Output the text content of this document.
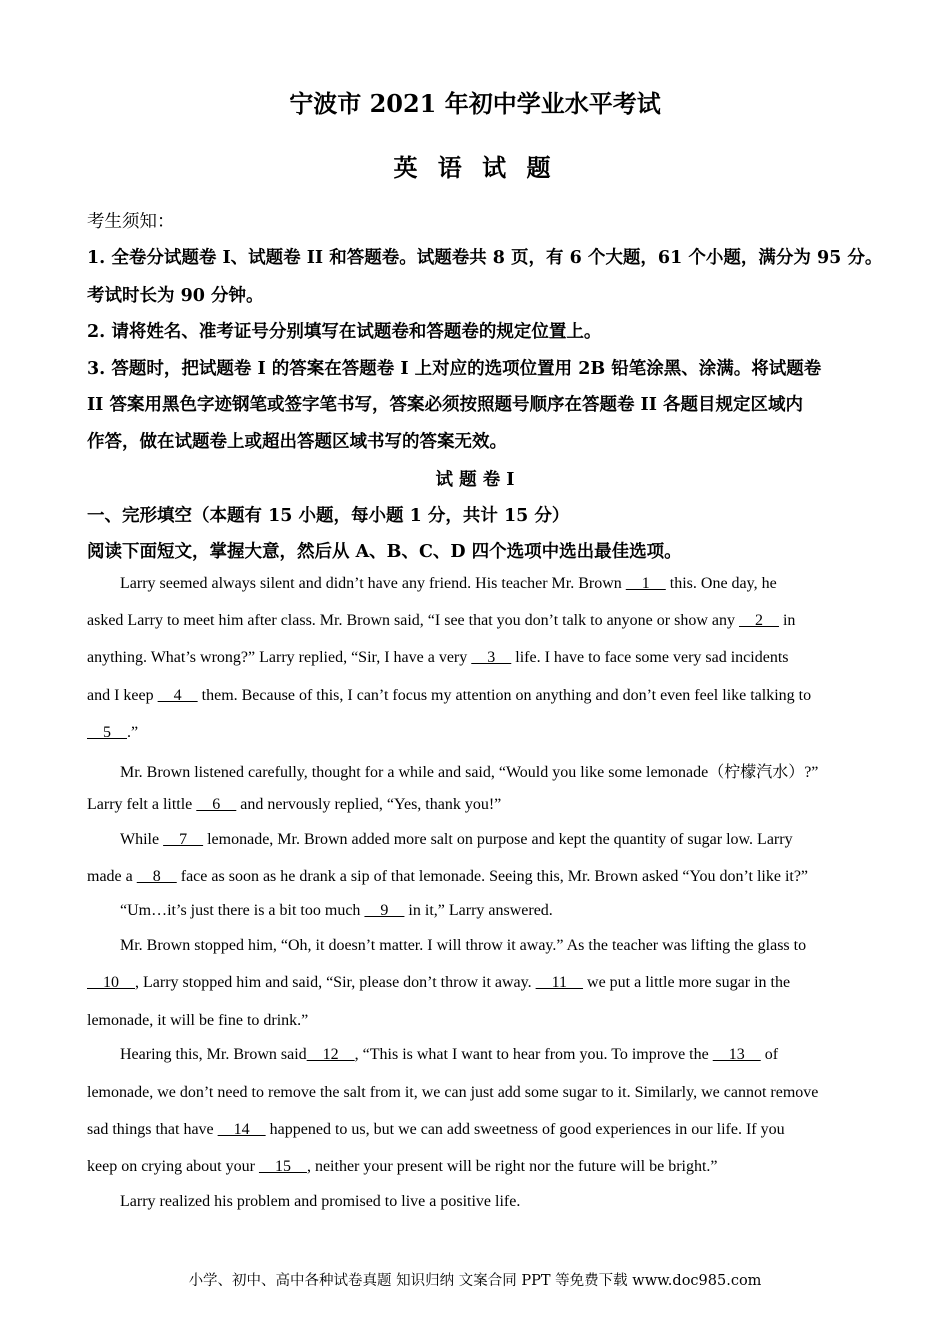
宁波市 2021 年初中学业水平考试
英 语 试 题
考生须知：
1. 全卷分试题卷 I、试题卷 II 和答题卷。试题卷共 8 页，有 6 个大题，61 个小题，满分为 95 分。
考试时长为 90 分钟。
2. 请将姓名、准考证号分别填写在试题卷和答题卷的规定位置上。
3. 答题时，把试题卷 I 的答案在答题卷 I 上对应的选项位置用 2B 铅笔涂黑、涂满。将试题卷
II 答案用黑色字迹钢笔或签字笔书写，答案必须按照题号顺序在答题卷 II 各题目规定区域内
作答，做在试题卷上或超出答题区域书写的答案无效。
试 题 卷 I
一、完形填空（本题有 15 小题，每小题 1 分，共计 15 分）
阅读下面短文，掌握大意，然后从 A、B、C、D 四个选项中选出最佳选项。
Larry seemed always silent and didn’t have any friend. His teacher Mr. Brown     1     this. One day, he
asked Larry to meet him after class. Mr. Brown said, “I see that you don’t talk to anyone or show any     2     in
anything. What’s wrong?” Larry replied, “Sir, I have a very     3     life. I have to face some very sad incidents
and I keep     4     them. Because of this, I can’t focus my attention on anything and don’t even feel like talking to
5    .”
Mr. Brown listened carefully, thought for a while and said, “Would you like some lemonade（柠檬汽水）?”
Larry felt a little     6     and nervously replied, “Yes, thank you!”
While     7     lemonade, Mr. Brown added more salt on purpose and kept the quantity of sugar low. Larry
made a     8     face as soon as he drank a sip of that lemonade. Seeing this, Mr. Brown asked “You don’t like it?”
“Um…it’s just there is a bit too much     9     in it,” Larry answered.
Mr. Brown stopped him, “Oh, it doesn’t matter. I will throw it away.” As the teacher was lifting the glass to
10    , Larry stopped him and said, “Sir, please don’t throw it away.     11     we put a little more sugar in the
lemonade, it will be fine to drink.”
Hearing this, Mr. Brown said    12    , “This is what I want to hear from you. To improve the     13     of
lemonade, we don’t need to remove the salt from it, we can just add some sugar to it. Similarly, we cannot remove
sad things that have     14     happened to us, but we can add sweetness of good experiences in our life. If you
keep on crying about your     15    , neither your present will be right nor the future will be bright.”
Larry realized his problem and promised to live a positive life.
小学、初中、高中各种试卷真题 知识归纳 文案合同 PPT 等免费下载 www.doc985.com
